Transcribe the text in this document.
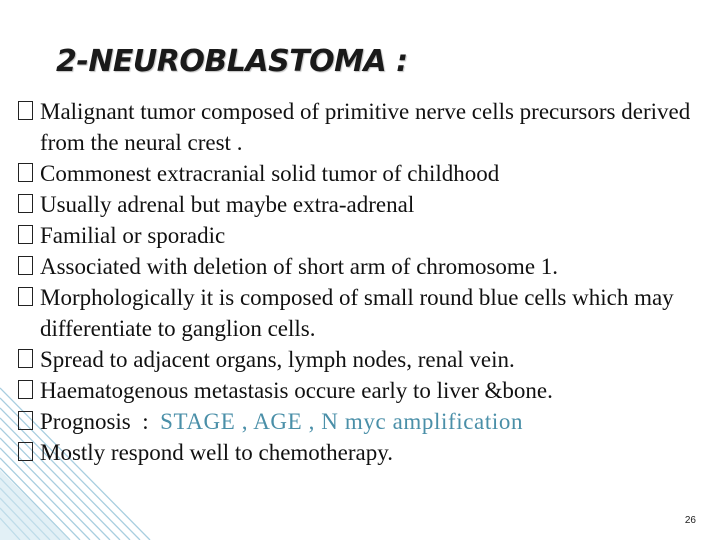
2-NEUROBLASTOMA :
Malignant tumor composed of primitive nerve cells precursors derived from the neural crest .
Commonest extracranial solid tumor of childhood
Usually adrenal but maybe extra-adrenal
Familial or sporadic
Associated with deletion of short arm of chromosome 1.
Morphologically it is composed of small round blue cells which may differentiate to ganglion cells.
Spread to adjacent organs, lymph nodes, renal vein.
Haematogenous metastasis occure early to liver &bone.
Prognosis  :  STAGE , AGE , N myc amplification
Mostly respond well to chemotherapy.
26
